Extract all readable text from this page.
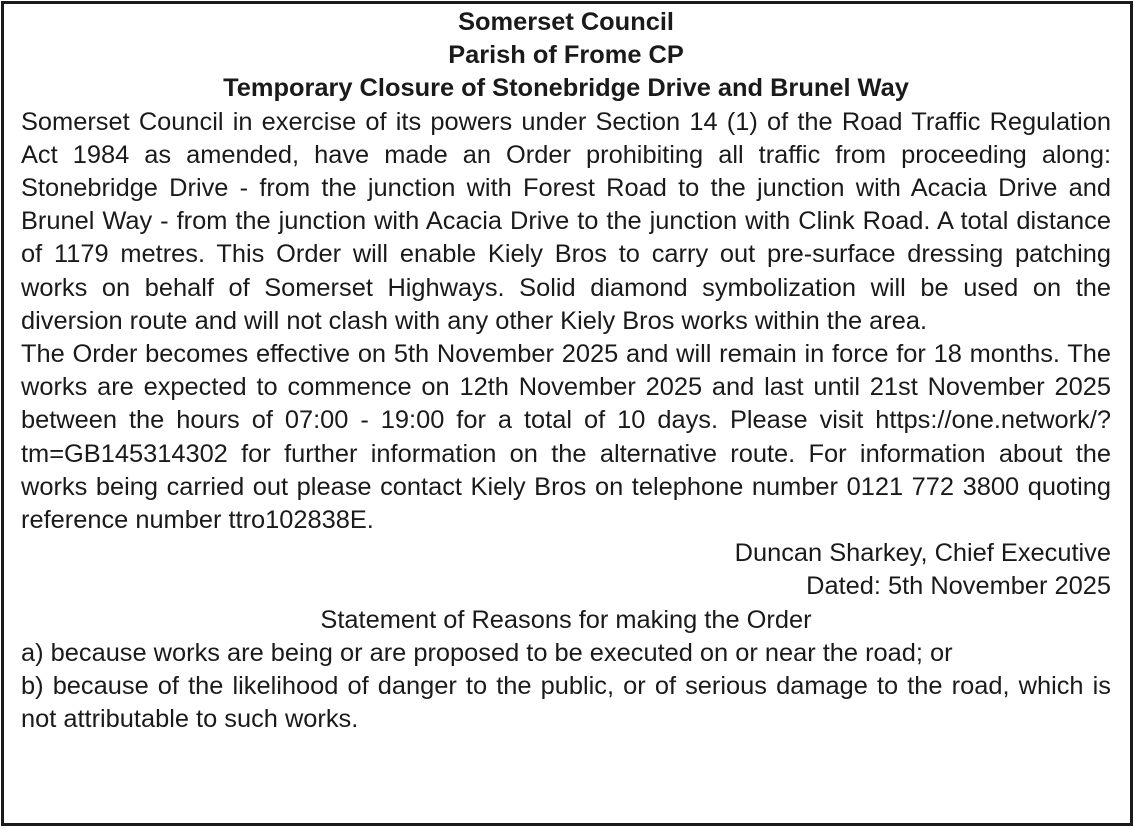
Somerset Council

Parish of Frome CP

Temporary Closure of Stonebridge Drive and Brunel Way

Somerset Council in exercise of its powers under Section 14 (1) of the Road Traffic Regulation Act 1984 as amended, have made an Order prohibiting all traffic from proceeding along: Stonebridge Drive - from the junction with Forest Road to the junction with Acacia Drive and Brunel Way - from the junction with Acacia Drive to the junction with Clink Road. A total distance of 1179 metres. This Order will enable Kiely Bros to carry out pre-surface dressing patching works on behalf of Somerset Highways. Solid diamond symbolization will be used on the diversion route and will not clash with any other Kiely Bros works within the area.

The Order becomes effective on 5th November 2025 and will remain in force for 18 months. The works are expected to commence on 12th November 2025 and last until 21st November 2025 between the hours of 07:00 - 19:00 for a total of 10 days. Please visit https://one.network/?tm=GB145314302 for further information on the alternative route. For information about the works being carried out please contact Kiely Bros on telephone number 0121 772 3800 quoting reference number ttro102838E.

Duncan Sharkey, Chief Executive

Dated: 5th November 2025

Statement of Reasons for making the Order

a) because works are being or are proposed to be executed on or near the road; or

b) because of the likelihood of danger to the public, or of serious damage to the road, which is not attributable to such works.
